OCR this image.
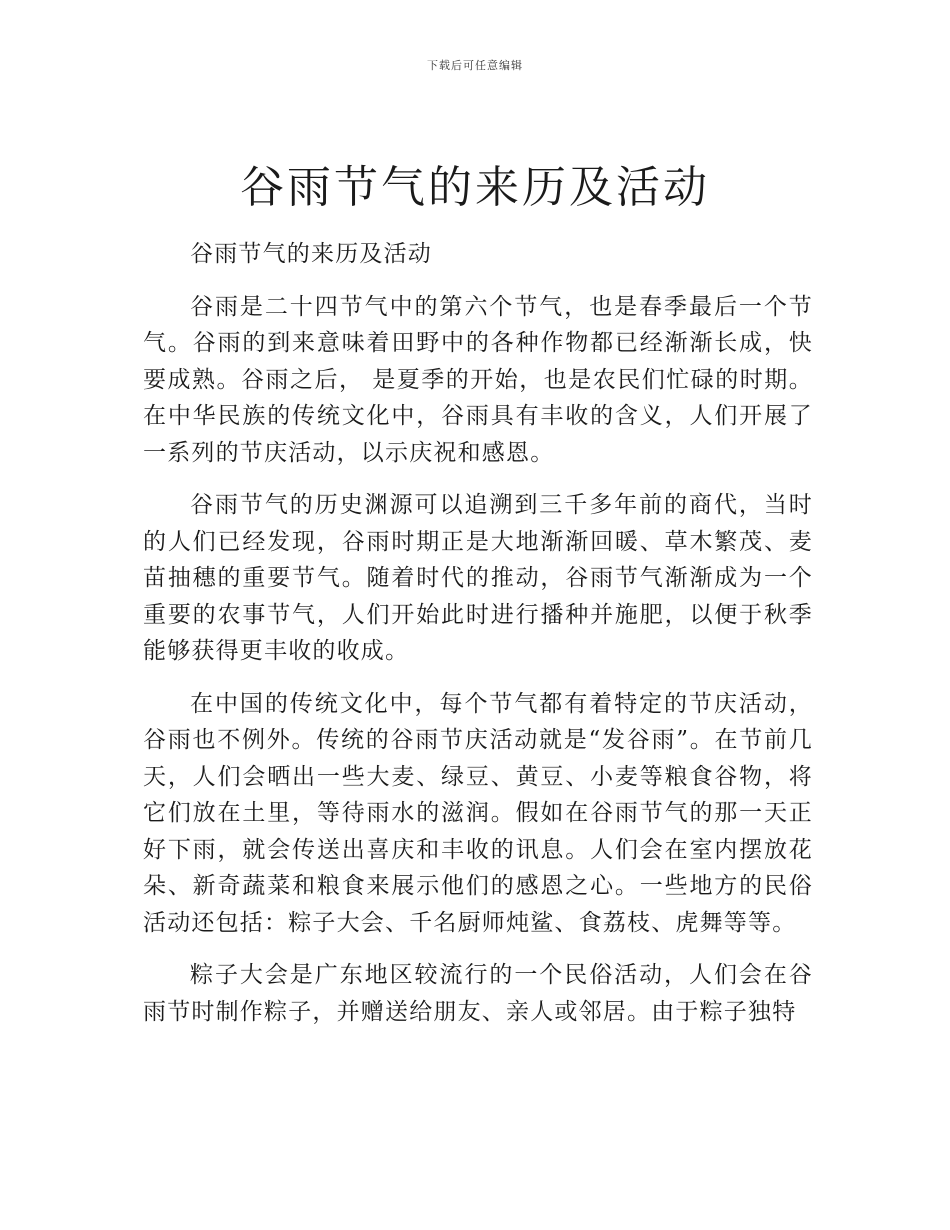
下载后可任意编辑
谷雨节气的来历及活动

谷雨节气的来历及活动

谷雨是二十四节气中的第六个节气，也是春季最后一个节气。谷雨的到来意味着田野中的各种作物都已经渐渐长成，快要成熟。谷雨之后， 是夏季的开始，也是农民们忙碌的时期。在中华民族的传统文化中，谷雨具有丰收的含义，人们开展了一系列的节庆活动，以示庆祝和感恩。

谷雨节气的历史渊源可以追溯到三千多年前的商代，当时的人们已经发现，谷雨时期正是大地渐渐回暖、草木繁茂、麦苗抽穗的重要节气。随着时代的推动，谷雨节气渐渐成为一个重要的农事节气，人们开始此时进行播种并施肥，以便于秋季能够获得更丰收的收成。

在中国的传统文化中，每个节气都有着特定的节庆活动，谷雨也不例外。传统的谷雨节庆活动就是“发谷雨”。在节前几天，人们会晒出一些大麦、绿豆、黄豆、小麦等粮食谷物，将它们放在土里，等待雨水的滋润。假如在谷雨节气的那一天正好下雨，就会传送出喜庆和丰收的讯息。人们会在室内摆放花朵、新奇蔬菜和粮食来展示他们的感恩之心。一些地方的民俗活动还包括：粽子大会、千名厨师炖鲨、食荔枝、虎舞等等。

粽子大会是广东地区较流行的一个民俗活动，人们会在谷雨节时制作粽子，并赠送给朋友、亲人或邻居。由于粽子独特
